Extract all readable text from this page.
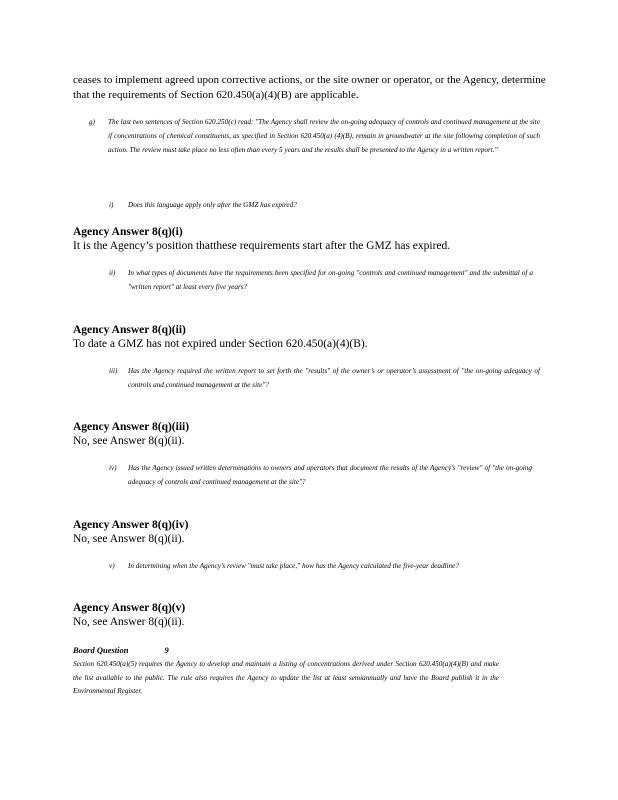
ceases to implement agreed upon corrective actions, or the site owner or operator, or the Agency, determine that the requirements of Section 620.450(a)(4)(B) are applicable.
g) The last two sentences of Section 620.250(c) read: "The Agency shall review the on-going adequacy of controls and continued management at the site if concentrations of chemical constituents, as specified in Section 620.450(a) (4)(B), remain in groundwater at the site following completion of such action. The review must take place no less often than every 5 years and the results shall be presented to the Agency in a written report."
i) Does this language apply only after the GMZ has expired?
Agency Answer 8(q)(i)
It is the Agency’s position thatthese requirements start after the GMZ has expired.
ii) In what types of documents have the requirements been specified for on-going "controls and continued management" and the submittal of a "written report" at least every five years?
Agency Answer 8(q)(ii)
To date a GMZ has not expired under Section 620.450(a)(4)(B).
iii) Has the Agency required the written report to set forth the "results" of the owner’s or operator’s assessment of "the on-going adequacy of controls and continued management at the site"?
Agency Answer 8(q)(iii)
No, see Answer 8(q)(ii).
iv) Has the Agency issued written determinations to owners and operators that document the results of the Agency’s "review" of "the on-going adequacy of controls and continued management at the site"?
Agency Answer 8(q)(iv)
No, see Answer 8(q)(ii).
v) In determining when the Agency’s review "must take place," how has the Agency calculated the five-year deadline?
Agency Answer 8(q)(v)
No, see Answer 8(q)(ii).
Board Question	9
Section 620.450(a)(5) requires the Agency to develop and maintain a listing of concentrations derived under Section 620.450(a)(4)(B) and make the list available to the public. The rule also requires the Agency to update the list at least semiannually and have the Board publish it in the Environmental Register.
